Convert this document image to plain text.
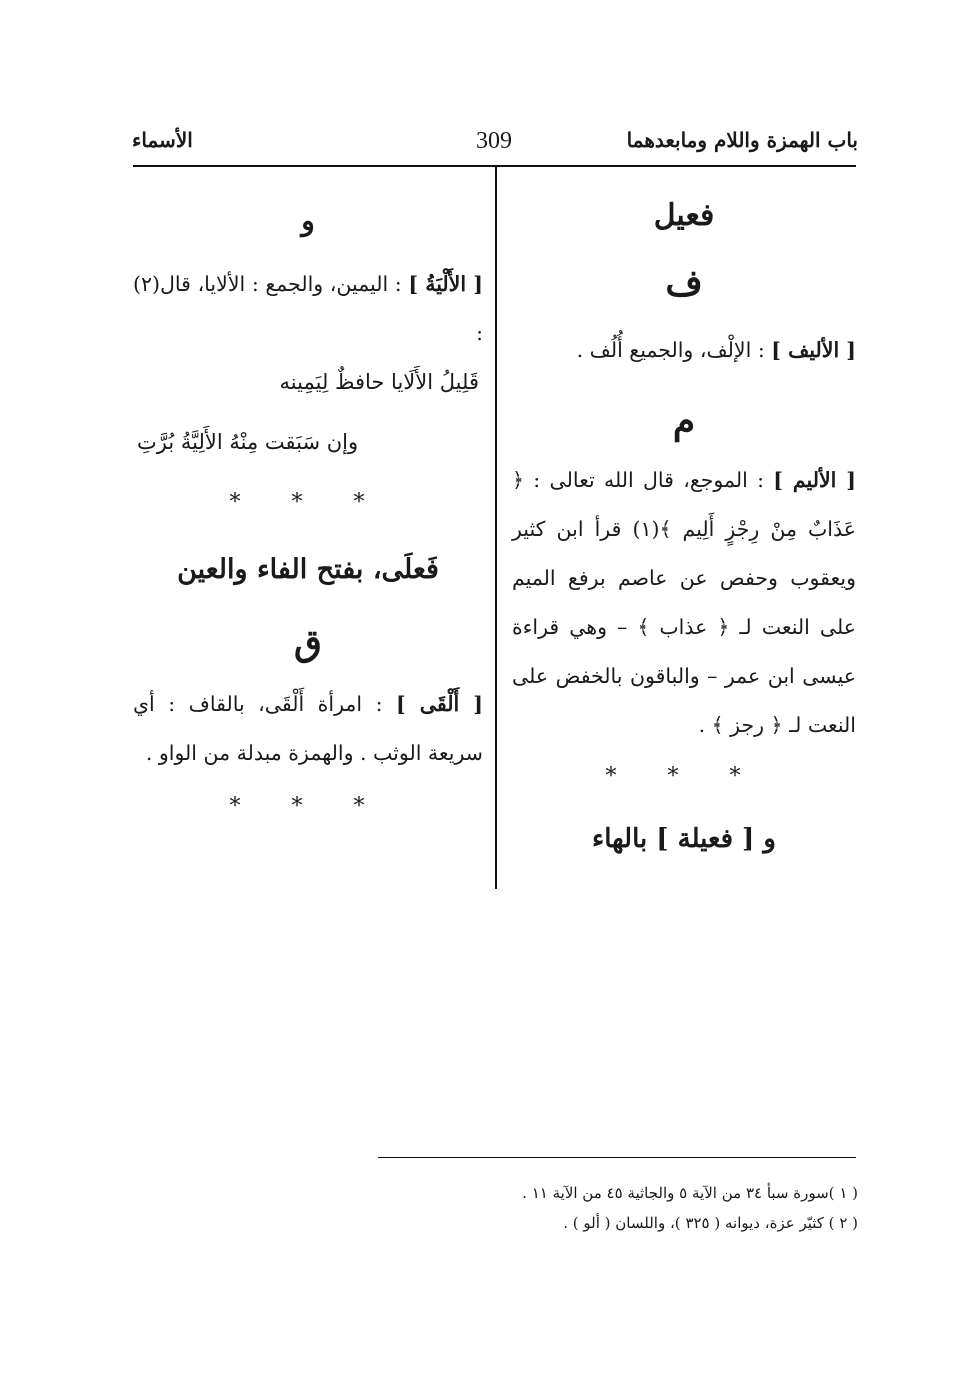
باب الهمزة واللام ومابعدهما
309
الأسماء
فعيل
ف
[ الأليف ] : الإلْف، والجميع أُلُف .
م
[ الأليم ] : الموجع، قال الله تعالى : ﴿ عَذَابٌ مِنْ رِجْزٍ أَلِيم ﴾(١) قرأ ابن كثير ويعقوب وحفص عن عاصم برفع الميم على النعت لـ ﴿ عذاب ﴾ – وهي قراءة عيسى ابن عمر – والباقون بالخفض على النعت لـ ﴿ رجز ﴾ .
* * *
و [ فعيلة ] بالهاء
و
[ الأَلْيَةُ ] : اليمين، والجمع : الألايا، قال(٢) :
قَلِيلُ الأَلَايا حافظٌ لِيَمِينه
وإن سَبَقت مِنْهُ الأَلِيَّةُ بُرَّتِ
* * *
فَعلَى، بفتح الفاء والعين
ق
[ أَلْقَى ] : امرأة أَلْقَى، بالقاف : أي سريعة الوثب . والهمزة مبدلة من الواو .
* * *
( ١ )سورة سبأ ٣٤ من الآية ٥ والجاثية ٤٥ من الآية ١١ .
( ٢ ) كثيّر عزة، ديوانه ( ٣٢٥ )، واللسان ( ألو ) .
